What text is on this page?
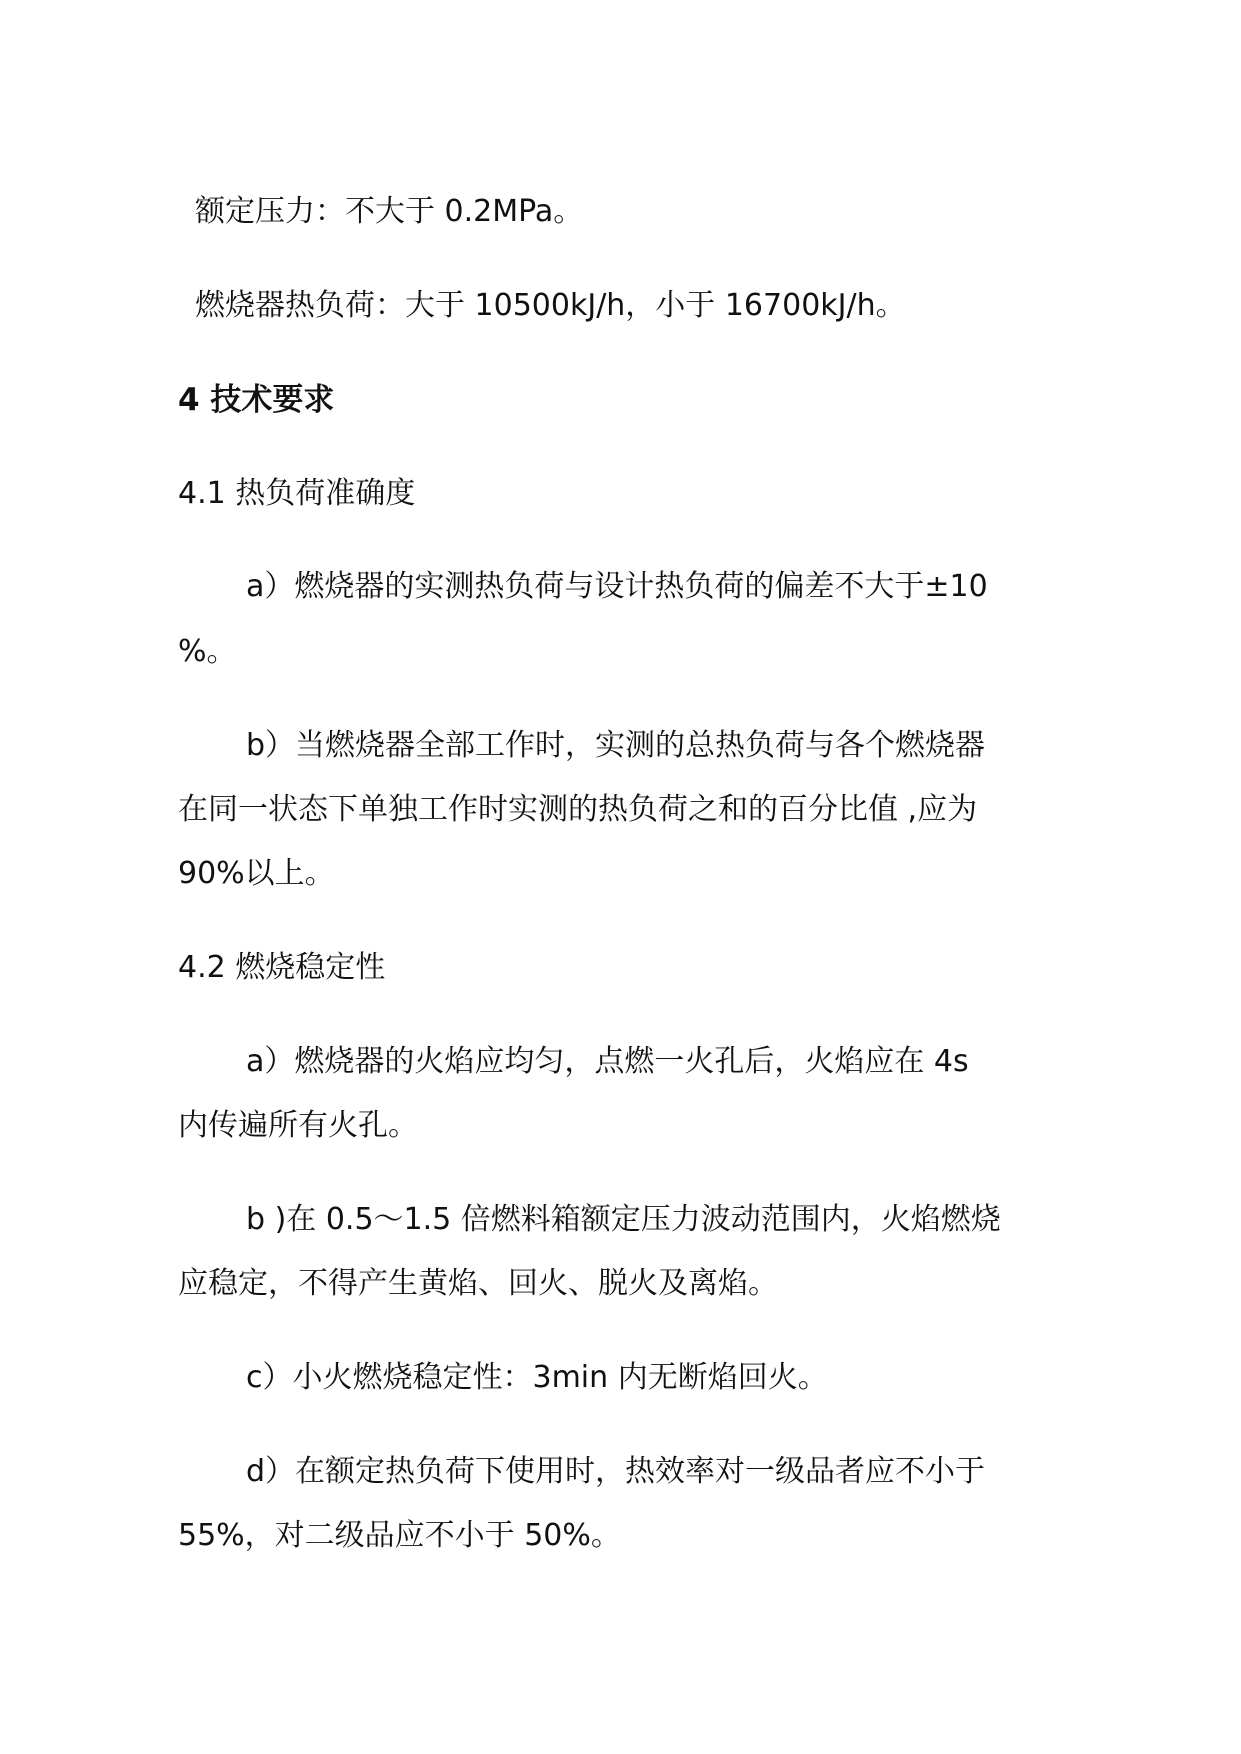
额定压力：不大于 0.2MPa。
燃烧器热负荷：大于 10500kJ/h，小于 16700kJ/h。
4 技术要求
4.1 热负荷准确度
a）燃烧器的实测热负荷与设计热负荷的偏差不大于±10
%。
b）当燃烧器全部工作时，实测的总热负荷与各个燃烧器
在同一状态下单独工作时实测的热负荷之和的百分比值 ,应为
90%以上。
4.2 燃烧稳定性
a）燃烧器的火焰应均匀，点燃一火孔后，火焰应在 4s
内传遍所有火孔。
b )在 0.5～1.5 倍燃料箱额定压力波动范围内，火焰燃烧
应稳定，不得产生黄焰、回火、脱火及离焰。
c）小火燃烧稳定性：3min 内无断焰回火。
d）在额定热负荷下使用时，热效率对一级品者应不小于
55%，对二级品应不小于 50%。
